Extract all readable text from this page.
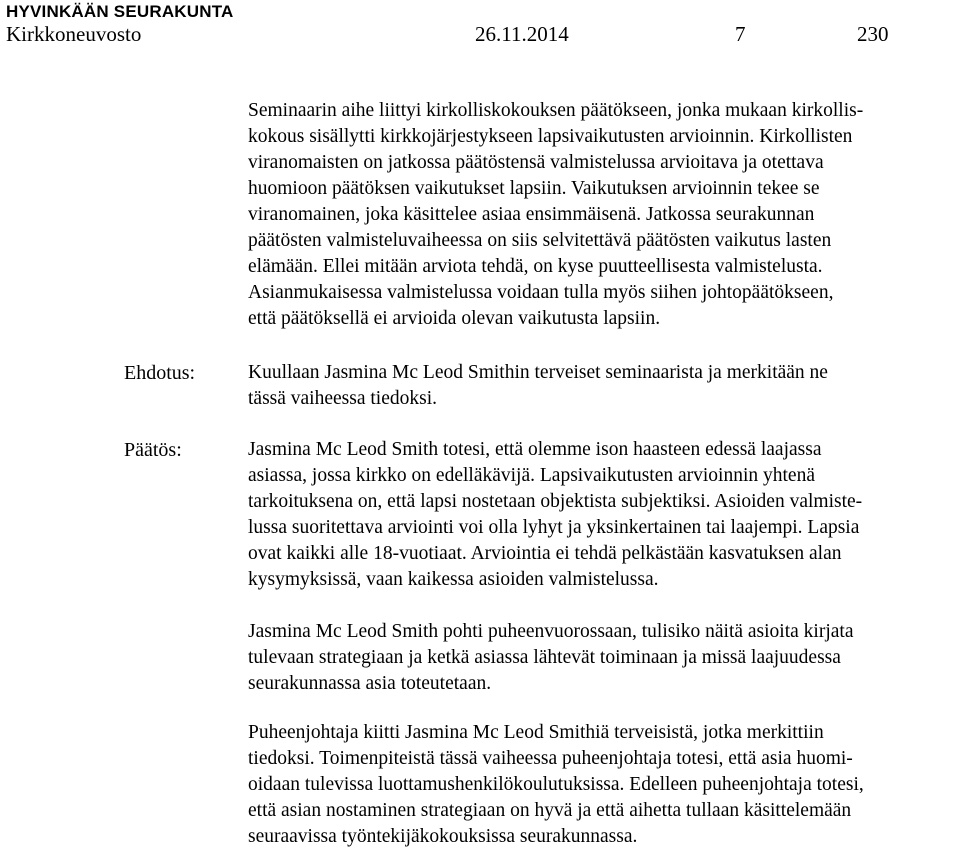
HYVINKÄÄN SEURAKUNTA
Kirkkoneuvosto	26.11.2014	7	230
Seminaarin aihe liittyi kirkolliskokouksen päätökseen, jonka mukaan kirkollis-
kokous sisällytti kirkkojärjestykseen lapsivaikutusten arvioinnin. Kirkollisten
viranomaisten on jatkossa päätöstensä valmistelussa arvioitava ja otettava
huomioon päätöksen vaikutukset lapsiin. Vaikutuksen arvioinnin tekee se
viranomainen, joka käsittelee asiaa ensimmäisenä. Jatkossa seurakunnan
päätösten valmisteluvaiheessa on siis selvitettävä päätösten vaikutus lasten
elämään. Ellei mitään arviota tehdä, on kyse puutteellisesta valmistelusta.
Asianmukaisessa valmistelussa voidaan tulla myös siihen johtopäätökseen,
että päätöksellä ei arvioida olevan vaikutusta lapsiin.
Ehdotus:	Kuullaan Jasmina Mc Leod Smithin terveiset seminaarista ja merkitään ne
tässä vaiheessa tiedoksi.
Päätös:	Jasmina Mc Leod Smith totesi, että olemme ison haasteen edessä laajassa
asiassa, jossa kirkko on edelläkävijä. Lapsivaikutusten arvioinnin yhtenä
tarkoituksena on, että lapsi nostetaan objektista subjektiksi. Asioiden valmiste-
lussa suoritettava arviointi voi olla lyhyt ja yksinkertainen tai laajempi. Lapsia
ovat kaikki alle 18-vuotiaat. Arviointia ei tehdä pelkästään kasvatuksen alan
kysymyksissä, vaan kaikessa asioiden valmistelussa.
Jasmina Mc Leod Smith pohti puheenvuorossaan, tulisiko näitä asioita kirjata
tulevaan strategiaan ja ketkä asiassa lähtevät toiminaan ja missä laajuudessa
seurakunnassa asia toteutetaan.
Puheenjohtaja kiitti Jasmina Mc Leod Smithiä terveisistä, jotka merkittiin
tiedoksi. Toimenpiteistä tässä vaiheessa puheenjohtaja totesi, että asia huomi-
oidaan tulevissa luottamushenkilökoulutuksissa. Edelleen puheenjohtaja totesi,
että asian nostaminen strategiaan on hyvä ja että aihetta tullaan käsittelemään
seuraavissa työntekijäkokouksissa seurakunnassa.
